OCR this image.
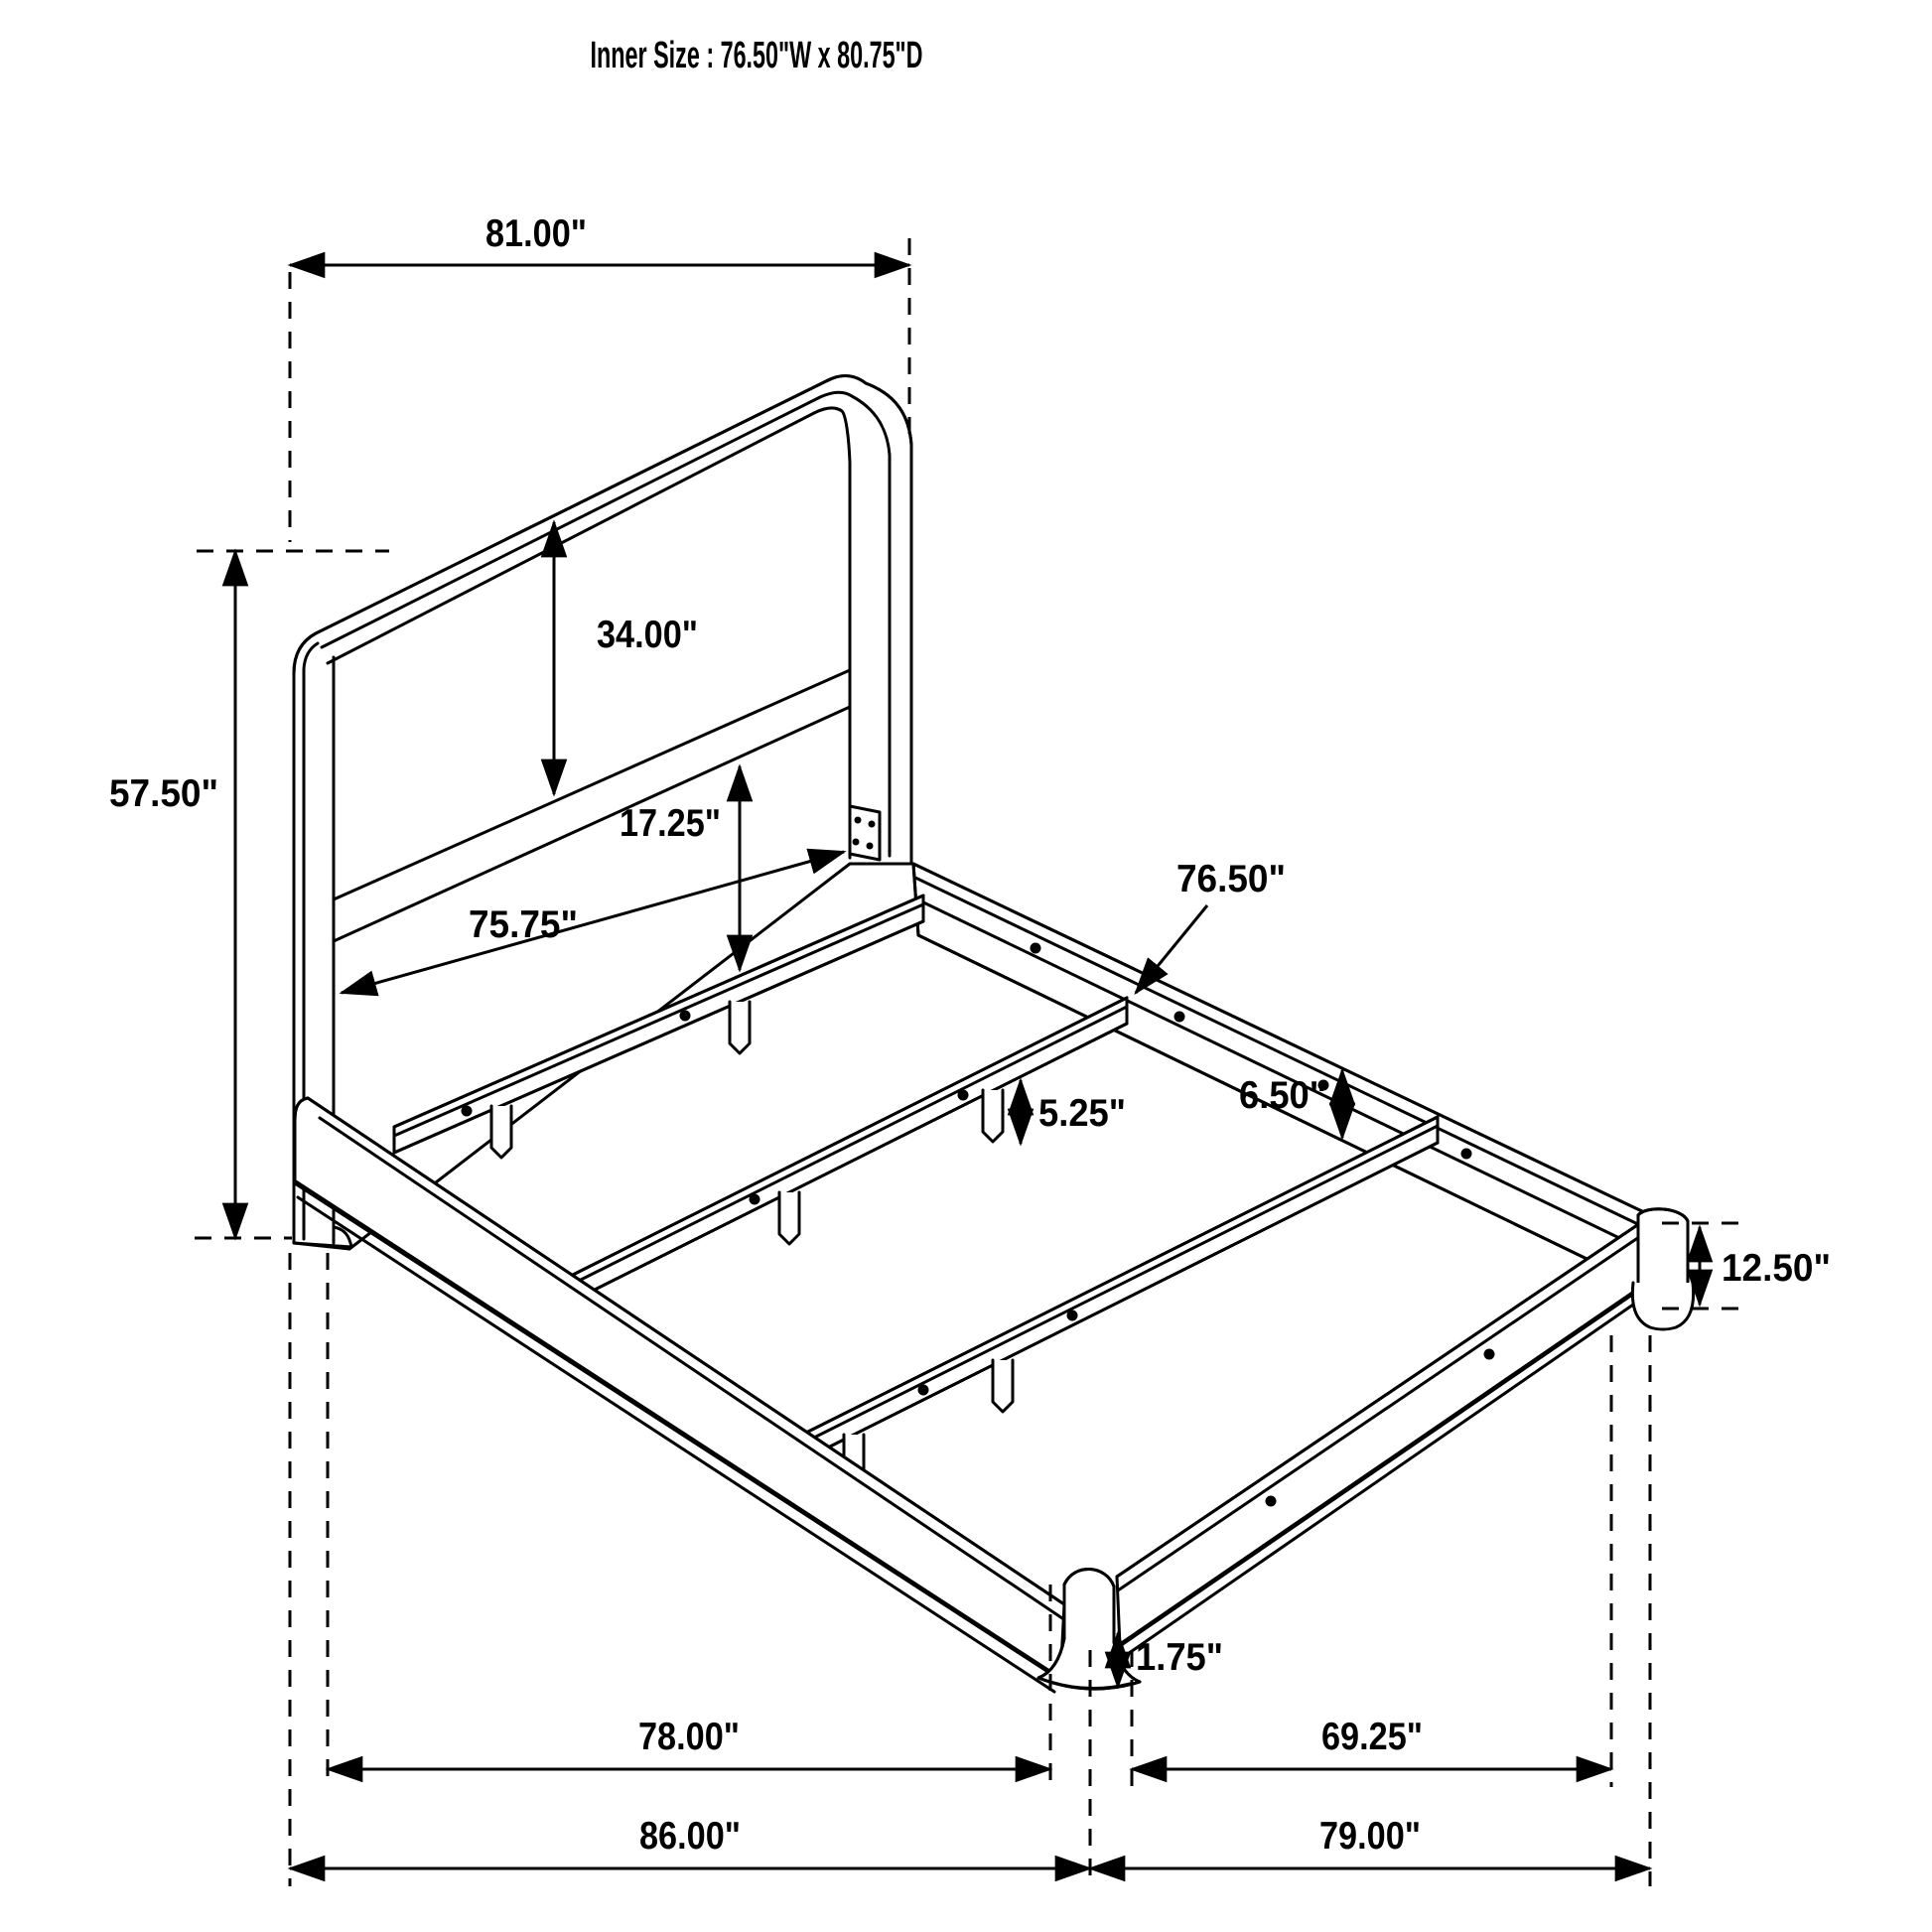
81.00"
57.50"
34.00"
17.25"
75.75"
76.50"
6.50"
5.25"
12.50"
1.75"
78.00"	69.25"
86.00"	79.00"
Inner Size : 76.50"W x 80.75"D
